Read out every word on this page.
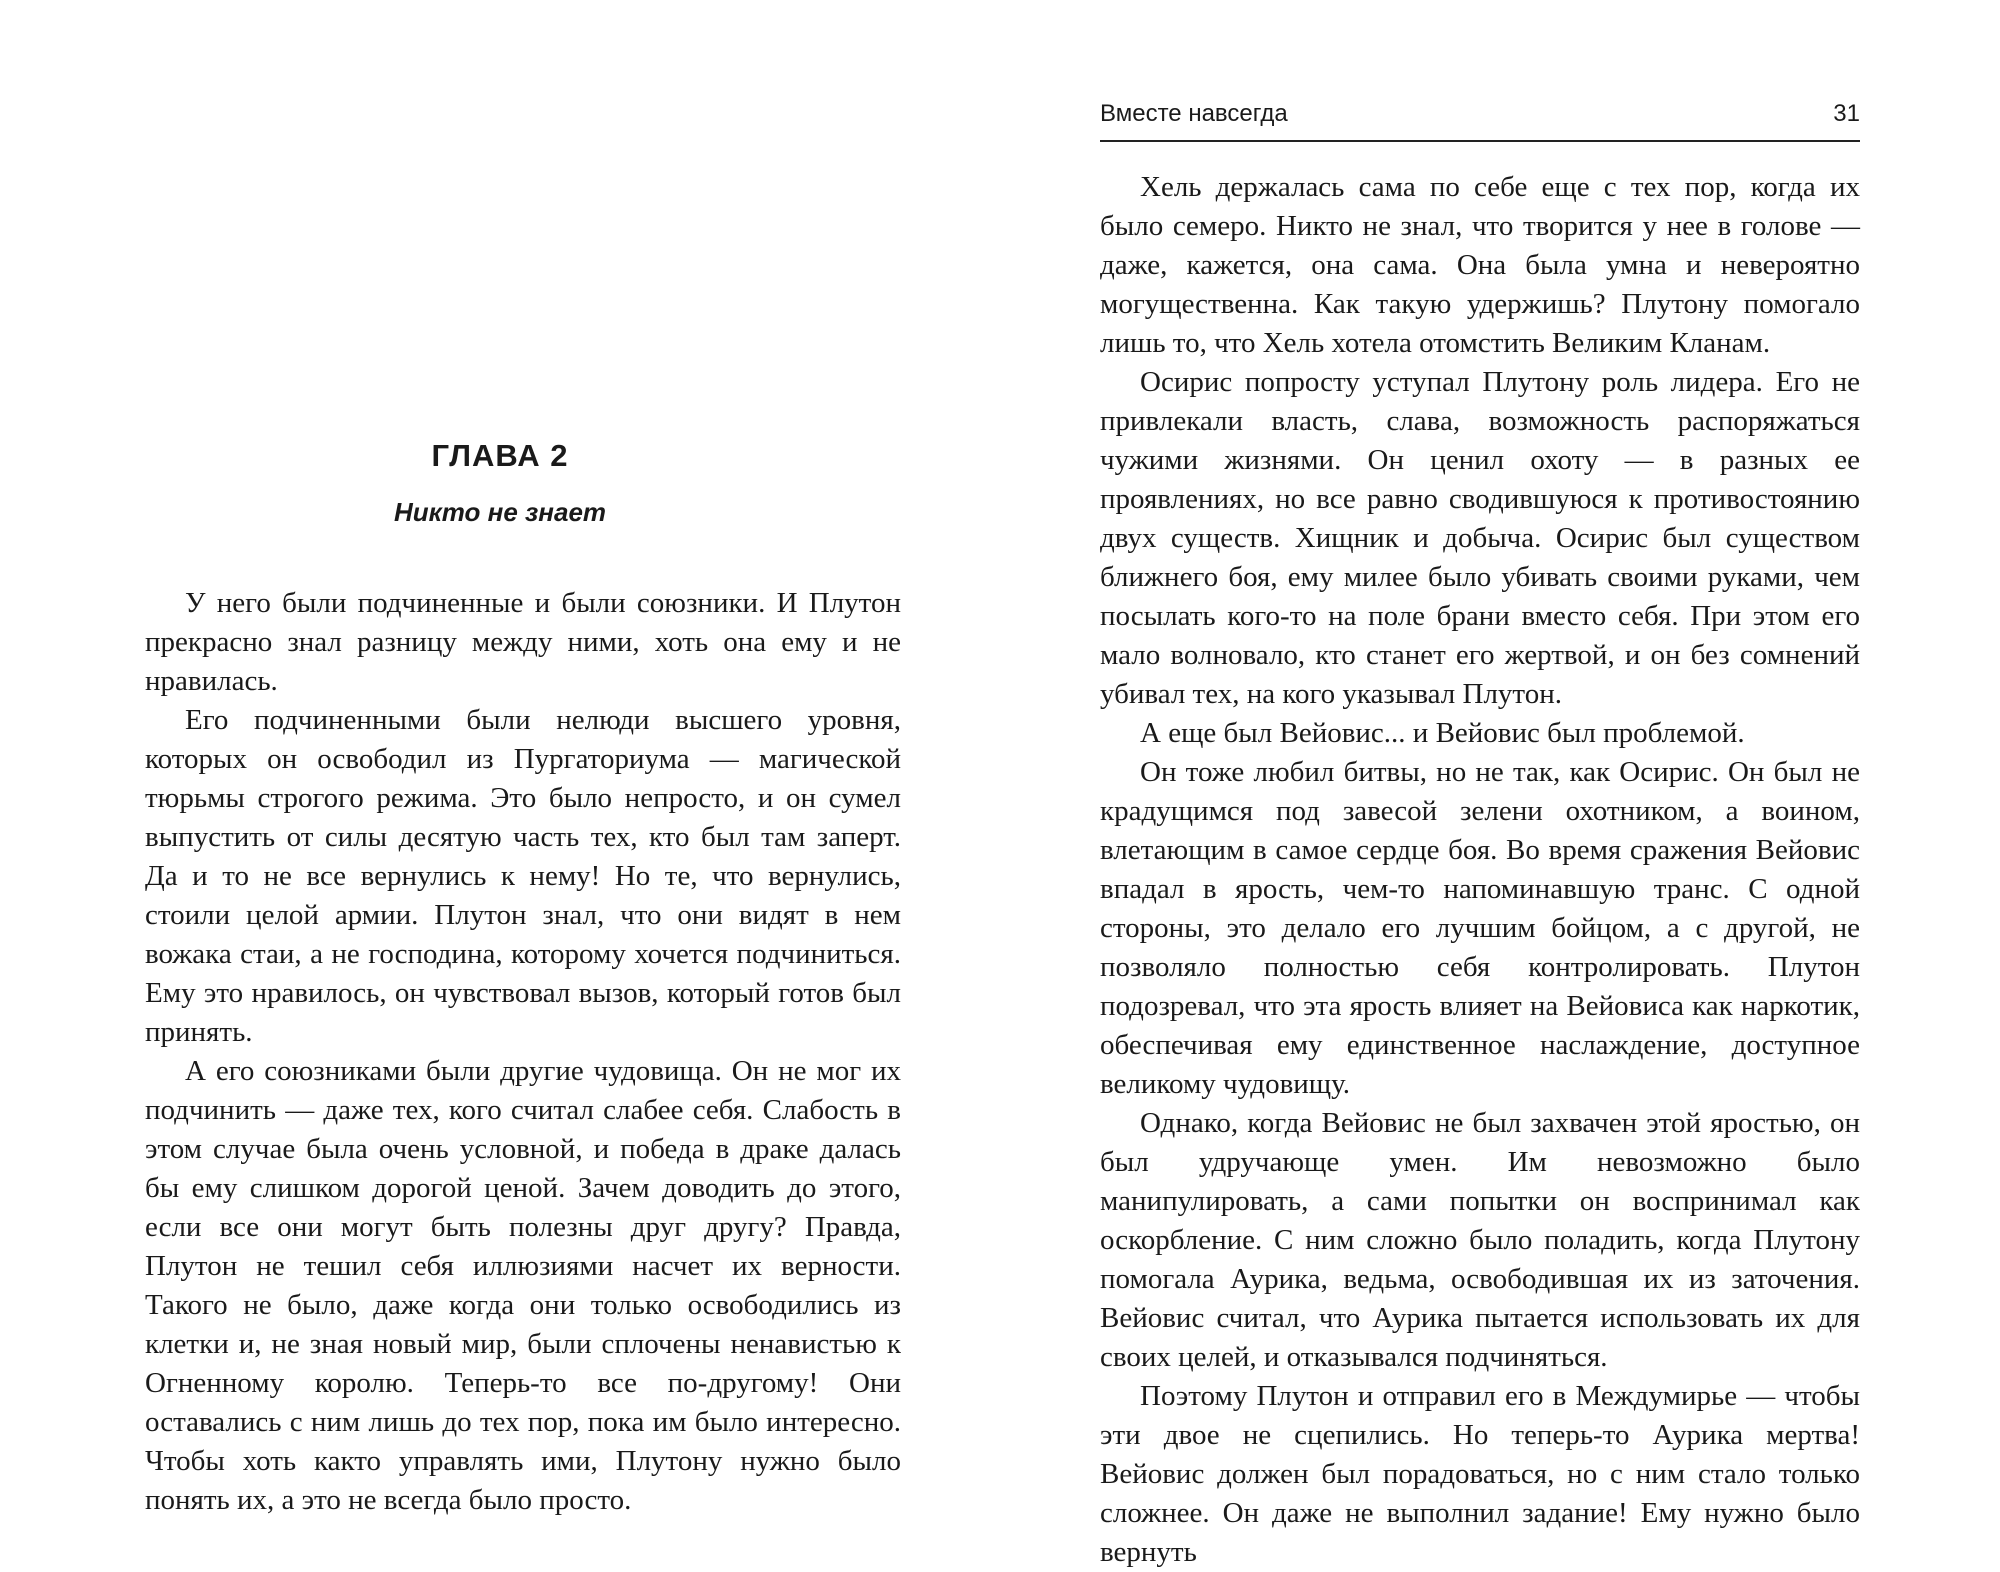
ГЛАВА 2
Никто не знает

У него были подчиненные и были союзники. И Плутон прекрасно знал разницу между ними, хоть она ему и не нравилась.

Его подчиненными были нелюди высшего уровня, которых он освободил из Пургаториума — магической тюрьмы строгого режима. Это было непросто, и он сумел выпустить от силы десятую часть тех, кто был там заперт. Да и то не все вернулись к нему! Но те, что вернулись, стоили целой армии. Плутон знал, что они видят в нем вожака стаи, а не господина, которому хочется подчиниться. Ему это нравилось, он чувствовал вызов, который готов был принять.

А его союзниками были другие чудовища. Он не мог их подчинить — даже тех, кого считал слабее себя. Слабость в этом случае была очень условной, и победа в драке далась бы ему слишком дорогой ценой. Зачем доводить до этого, если все они могут быть полезны друг другу? Правда, Плутон не тешил себя иллюзиями насчет их верности. Такого не было, даже когда они только освободились из клетки и, не зная новый мир, были сплочены ненавистью к Огненному королю. Теперь-то все по-другому! Они оставались с ним лишь до тех пор, пока им было интересно. Чтобы хоть както управлять ими, Плутону нужно было понять их, а это не всегда было просто.

Вместе навсегда	31

Хель держалась сама по себе еще с тех пор, когда их было семеро. Никто не знал, что творится у нее в голове — даже, кажется, она сама. Она была умна и невероятно могущественна. Как такую удержишь? Плутону помогало лишь то, что Хель хотела отомстить Великим Кланам.

Осирис попросту уступал Плутону роль лидера. Его не привлекали власть, слава, возможность распоряжаться чужими жизнями. Он ценил охоту — в разных ее проявлениях, но все равно сводившуюся к противостоянию двух существ. Хищник и добыча. Осирис был существом ближнего боя, ему милее было убивать своими руками, чем посылать кого-то на поле брани вместо себя. При этом его мало волновало, кто станет его жертвой, и он без сомнений убивал тех, на кого указывал Плутон.

А еще был Вейовис... и Вейовис был проблемой.

Он тоже любил битвы, но не так, как Осирис. Он был не крадущимся под завесой зелени охотником, а воином, влетающим в самое сердце боя. Во время сражения Вейовис впадал в ярость, чем-то напоминавшую транс. С одной стороны, это делало его лучшим бойцом, а с другой, не позволяло полностью себя контролировать. Плутон подозревал, что эта ярость влияет на Вейовиса как наркотик, обеспечивая ему единственное наслаждение, доступное великому чудовищу.

Однако, когда Вейовис не был захвачен этой яростью, он был удручающе умен. Им невозможно было манипулировать, а сами попытки он воспринимал как оскорбление. С ним сложно было поладить, когда Плутону помогала Аурика, ведьма, освободившая их из заточения. Вейовис считал, что Аурика пытается использовать их для своих целей, и отказывался подчиняться.

Поэтому Плутон и отправил его в Междумирье — чтобы эти двое не сцепились. Но теперь-то Аурика мертва! Вейовис должен был порадоваться, но с ним стало только сложнее. Он даже не выполнил задание! Ему нужно было вернуть
